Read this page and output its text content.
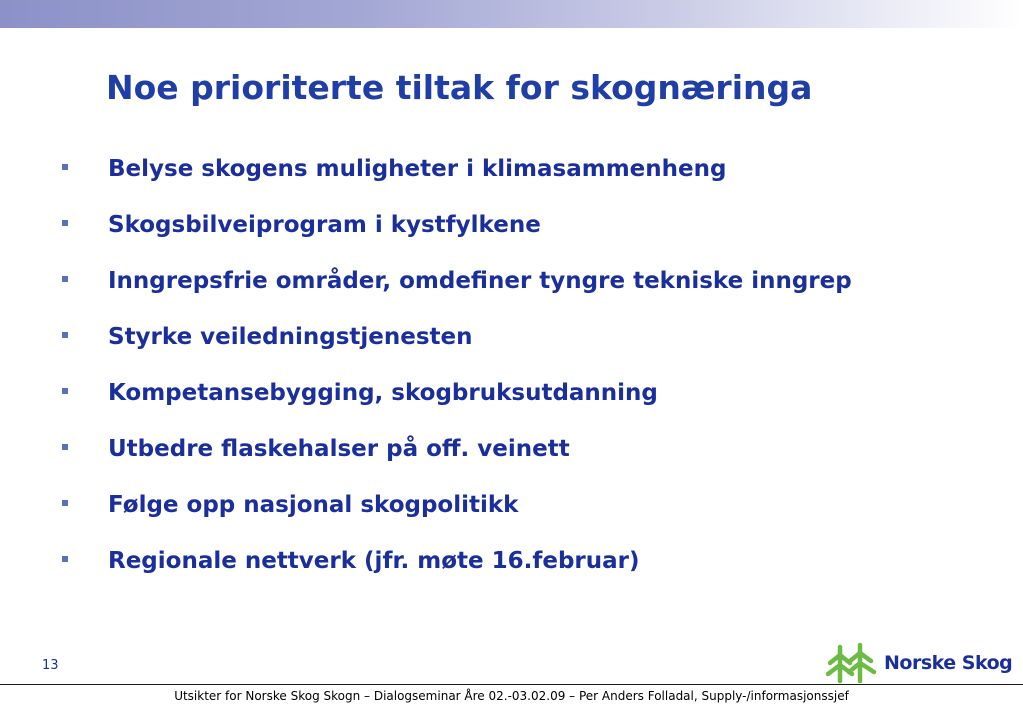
Noe prioriterte tiltak for skognæringa
Belyse skogens muligheter i klimasammenheng
Skogsbilveiprogram i kystfylkene
Inngrepsfrie områder, omdefiner tyngre tekniske inngrep
Styrke veiledningstjenesten
Kompetansebygging, skogbruksutdanning
Utbedre flaskehalser på off. veinett
Følge opp nasjonal skogpolitikk
Regionale nettverk (jfr. møte 16.februar)
13	Norske Skog
Utsikter for Norske Skog Skogn – Dialogseminar Åre 02.-03.02.09 – Per Anders Folladal, Supply-/informasjonssjef
